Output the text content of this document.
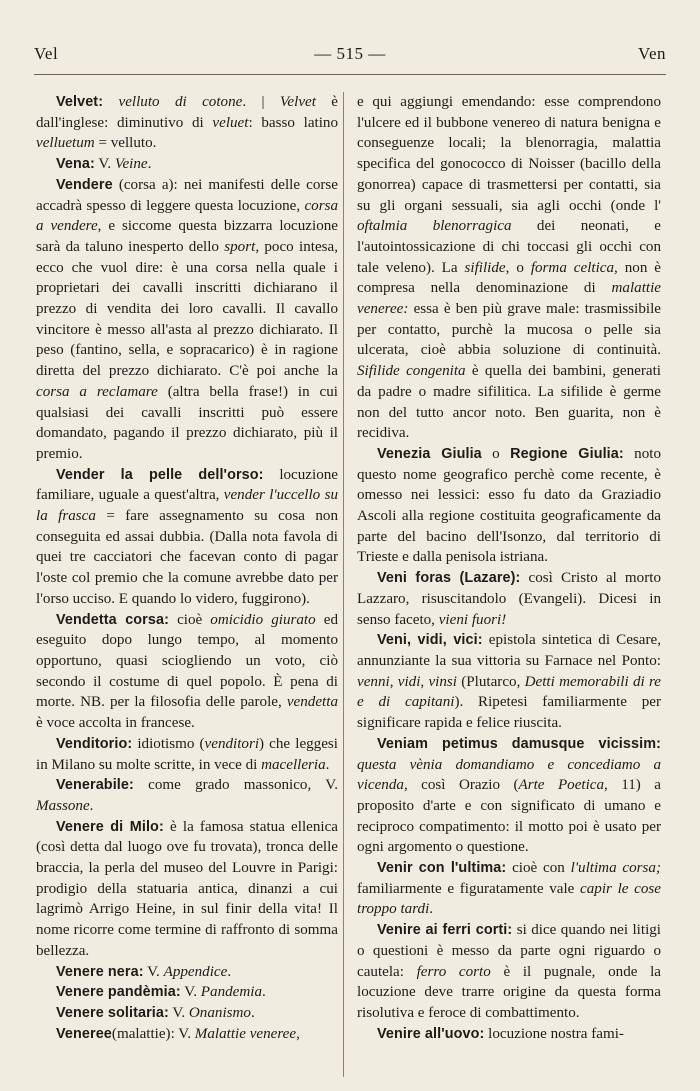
Vel	— 515 —	Ven

Velvet: velluto di cotone. | Velvet è dall'inglese: diminutivo di veluet: basso latino velluetum = velluto.

Vena: V. Veine.

Vendere (corsa a): nei manifesti delle corse accadrà spesso di leggere questa locuzione, corsa a vendere, e siccome questa bizzarra locuzione sarà da taluno inesperto dello sport, poco intesa, ecco che vuol dire: è una corsa nella quale i proprietari dei cavalli inscritti dichiarano il prezzo di vendita dei loro cavalli. Il cavallo vincitore è messo all'asta al prezzo dichiarato. Il peso (fantino, sella, e sopracarico) è in ragione diretta del prezzo dichiarato. C'è poi anche la corsa a reclamare (altra bella frase!) in cui qualsiasi dei cavalli inscritti può essere domandato, pagando il prezzo dichiarato, più il premio.

Vender la pelle dell'orso: locuzione familiare, uguale a quest'altra, vender l'uccello su la frasca = fare assegnamento su cosa non conseguita ed assai dubbia. (Dalla nota favola di quei tre cacciatori che facevan conto di pagar l'oste col premio che la comune avrebbe dato per l'orso ucciso. E quando lo videro, fuggirono).

Vendetta corsa: cioè omicidio giurato ed eseguito dopo lungo tempo, al momento opportuno, quasi sciogliendo un voto, ciò secondo il costume di quel popolo. È pena di morte. NB. per la filosofia delle parole, vendetta è voce accolta in francese.

Venditorio: idiotismo (venditori) che leggesi in Milano su molte scritte, in vece di macelleria.

Venerabile: come grado massonico, V. Massone.

Venere di Milo: è la famosa statua ellenica (così detta dal luogo ove fu trovata), tronca delle braccia, la perla del museo del Louvre in Parigi: prodigio della statuaria antica, dinanzi a cui lagrimò Arrigo Heine, in sul finir della vita! Il nome ricorre come termine di raffronto di somma bellezza.

Venere nera: V. Appendice.

Venere pandèmia: V. Pandemia.

Venere solitaria: V. Onanismo.

Veneree(malattie): V. Malattie veneree,

e qui aggiungi emendando: esse comprendono l'ulcere ed il bubbone venereo di natura benigna e conseguenze locali; la blenorragia, malattia specifica del gonococco di Noisser (bacillo della gonorrea) capace di trasmettersi per contatti, sia su gli organi sessuali, sia agli occhi (onde l' oftalmia blenorragica dei neonati, e l'autointossicazione di chi toccasi gli occhi con tale veleno). La sifilide, o forma celtica, non è compresa nella denominazione di malattie veneree: essa è ben più grave male: trasmissibile per contatto, purchè la mucosa o pelle sia ulcerata, cioè abbia soluzione di continuità. Sifilide congenita è quella dei bambini, generati da padre o madre sifilitica. La sifilide è germe non del tutto ancor noto. Ben guarita, non è recidiva.

Venezia Giulia o Regione Giulia: noto questo nome geografico perchè come recente, è omesso nei lessici: esso fu dato da Graziadio Ascoli alla regione costituita geograficamente da parte del bacino dell'Isonzo, dal territorio di Trieste e dalla penisola istriana.

Veni foras (Lazare): così Cristo al morto Lazzaro, risuscitandolo (Evangeli). Dicesi in senso faceto, vieni fuori!

Veni, vidi, vici: epistola sintetica di Cesare, annunziante la sua vittoria su Farnace nel Ponto: venni, vidi, vinsi (Plutarco, Detti memorabili di re e di capitani). Ripetesi familiarmente per significare rapida e felice riuscita.

Veniam petimus damusque vicissim: questa vènia domandiamo e concediamo a vicenda, così Orazio (Arte Poetica, 11) a proposito d'arte e con significato di umano e reciproco compatimento: il motto poi è usato per ogni argomento o questione.

Venir con l'ultima: cioè con l'ultima corsa; familiarmente e figuratamente vale capir le cose troppo tardi.

Venire ai ferri corti: si dice quando nei litigi o questioni è messo da parte ogni riguardo o cautela: ferro corto è il pugnale, onde la locuzione deve trarre origine da questa forma risolutiva e feroce di combattimento.

Venire all'uovo: locuzione nostra fami-
